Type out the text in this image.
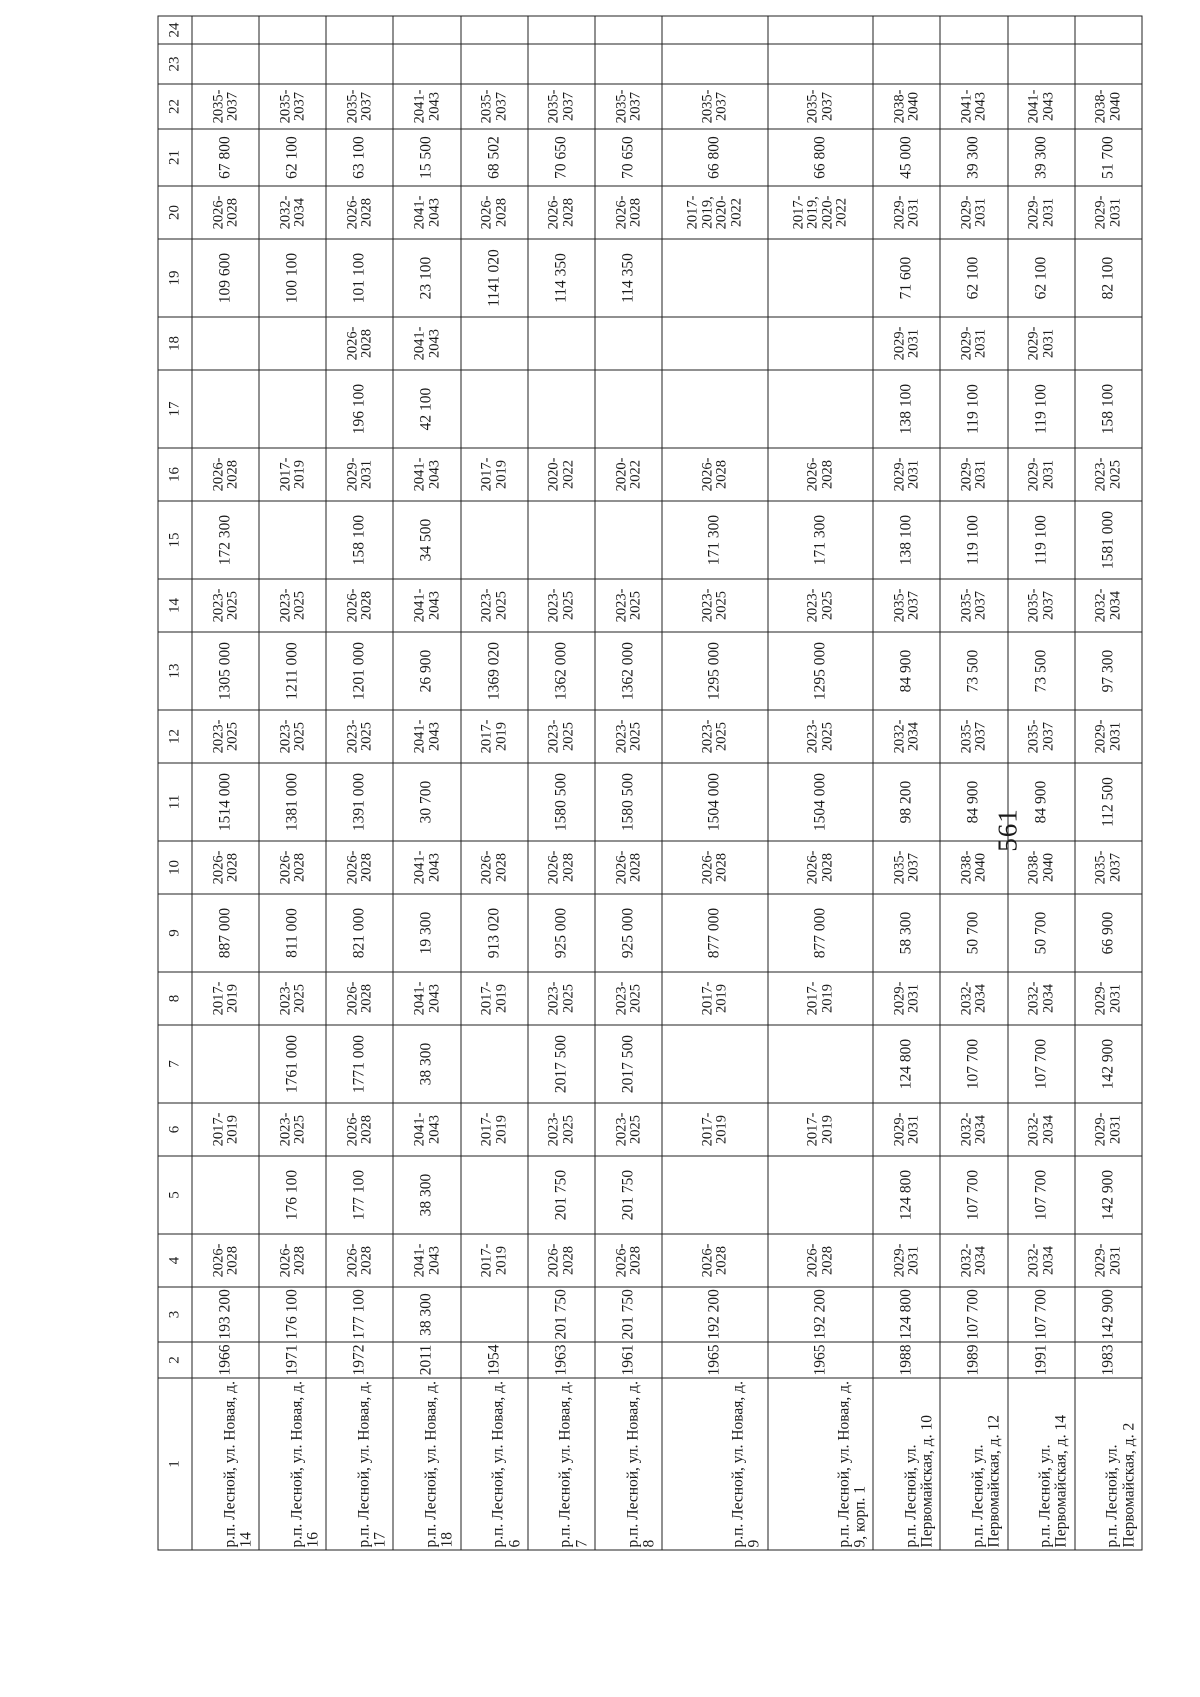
561
1	2	3	4	5	6	7	8	9	10	11	12	13	14	15	16	17	18	19	20	21	22	23	24
р.п. Лесной, ул. Новая, д. 14	1966	193 200	2026-2028		2017-2019		2017-2019	887 000	2026-2028	1514 000	2023-2025	1305 000	2023-2025	172 300	2026-2028			109 600	2026-2028	67 800	2035-2037		
р.п. Лесной, ул. Новая, д. 16	1971	176 100	2026-2028	176 100	2023-2025	1761 000	2023-2025	811 000	2026-2028	1381 000	2023-2025	1211 000	2023-2025		2017-2019			100 100	2032-2034	62 100	2035-2037		
р.п. Лесной, ул. Новая, д. 17	1972	177 100	2026-2028	177 100	2026-2028	1771 000	2026-2028	821 000	2026-2028	1391 000	2023-2025	1201 000	2026-2028	158 100	2029-2031	196 100	2026-2028	101 100	2026-2028	63 100	2035-2037		
р.п. Лесной, ул. Новая, д. 18	2011	38 300	2041-2043	38 300	2041-2043	38 300	2041-2043	19 300	2041-2043	30 700	2041-2043	26 900	2041-2043	34 500	2041-2043	42 100	2041-2043	23 100	2041-2043	15 500	2041-2043		
р.п. Лесной, ул. Новая, д. 6	1954		2017-2019		2017-2019		2017-2019	913 020	2026-2028		2017-2019	1369 020	2023-2025		2017-2019			1141 020	2026-2028	68 502	2035-2037		
р.п. Лесной, ул. Новая, д. 7	1963	201 750	2026-2028	201 750	2023-2025	2017 500	2023-2025	925 000	2026-2028	1580 500	2023-2025	1362 000	2023-2025		2020-2022			114 350	2026-2028	70 650	2035-2037		
р.п. Лесной, ул. Новая, д. 8	1961	201 750	2026-2028	201 750	2023-2025	2017 500	2023-2025	925 000	2026-2028	1580 500	2023-2025	1362 000	2023-2025		2020-2022			114 350	2026-2028	70 650	2035-2037		
р.п. Лесной, ул. Новая, д. 9	1965	192 200	2026-2028		2017-2019		2017-2019	877 000	2026-2028	1504 000	2023-2025	1295 000	2023-2025	171 300	2026-2028				2017-2019, 2020-2022	66 800	2035-2037		
р.п. Лесной, ул. Новая, д. 9, корп. 1	1965	192 200	2026-2028		2017-2019		2017-2019	877 000	2026-2028	1504 000	2023-2025	1295 000	2023-2025	171 300	2026-2028				2017-2019, 2020-2022	66 800	2035-2037		
р.п. Лесной, ул. Первомайская, д. 10	1988	124 800	2029-2031	124 800	2029-2031	124 800	2029-2031	58 300	2035-2037	98 200	2032-2034	84 900	2035-2037	138 100	2029-2031	138 100	2029-2031	71 600	2029-2031	45 000	2038-2040		
р.п. Лесной, ул. Первомайская, д. 12	1989	107 700	2032-2034	107 700	2032-2034	107 700	2032-2034	50 700	2038-2040	84 900	2035-2037	73 500	2035-2037	119 100	2029-2031	119 100	2029-2031	62 100	2029-2031	39 300	2041-2043		
р.п. Лесной, ул. Первомайская, д. 14	1991	107 700	2032-2034	107 700	2032-2034	107 700	2032-2034	50 700	2038-2040	84 900	2035-2037	73 500	2035-2037	119 100	2029-2031	119 100	2029-2031	62 100	2029-2031	39 300	2041-2043		
р.п. Лесной, ул. Первомайская, д. 2	1983	142 900	2029-2031	142 900	2029-2031	142 900	2029-2031	66 900	2035-2037	112 500	2029-2031	97 300	2032-2034	1581 000	2023-2025	158 100		82 100	2029-2031	51 700	2038-2040		
